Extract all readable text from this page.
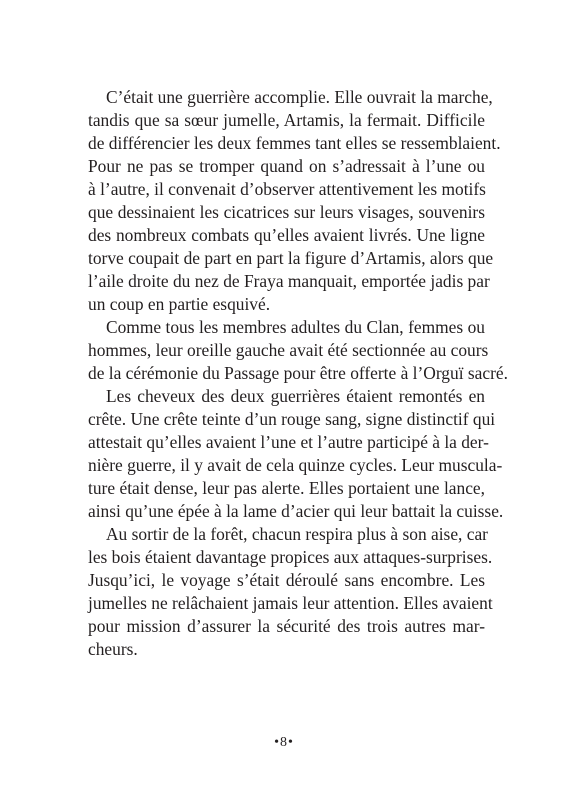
C’était une guerrière accomplie. Elle ouvrait la marche,
tandis que sa sœur jumelle, Artamis, la fermait. Difficile
de différencier les deux femmes tant elles se ressemblaient.
Pour ne pas se tromper quand on s’adressait à l’une ou
à l’autre, il convenait d’observer attentivement les motifs
que dessinaient les cicatrices sur leurs visages, souvenirs
des nombreux combats qu’elles avaient livrés. Une ligne
torve coupait de part en part la figure d’Artamis, alors que
l’aile droite du nez de Fraya manquait, emportée jadis par
un coup en partie esquivé.
Comme tous les membres adultes du Clan, femmes ou
hommes, leur oreille gauche avait été sectionnée au cours
de la cérémonie du Passage pour être offerte à l’Orguï sacré.
Les cheveux des deux guerrières étaient remontés en
crête. Une crête teinte d’un rouge sang, signe distinctif qui
attestait qu’elles avaient l’une et l’autre participé à la der-
nière guerre, il y avait de cela quinze cycles. Leur muscula-
ture était dense, leur pas alerte. Elles portaient une lance,
ainsi qu’une épée à la lame d’acier qui leur battait la cuisse.
Au sortir de la forêt, chacun respira plus à son aise, car
les bois étaient davantage propices aux attaques-surprises.
Jusqu’ici, le voyage s’était déroulé sans encombre. Les
jumelles ne relâchaient jamais leur attention. Elles avaient
pour mission d’assurer la sécurité des trois autres mar-
cheurs.
•8•
